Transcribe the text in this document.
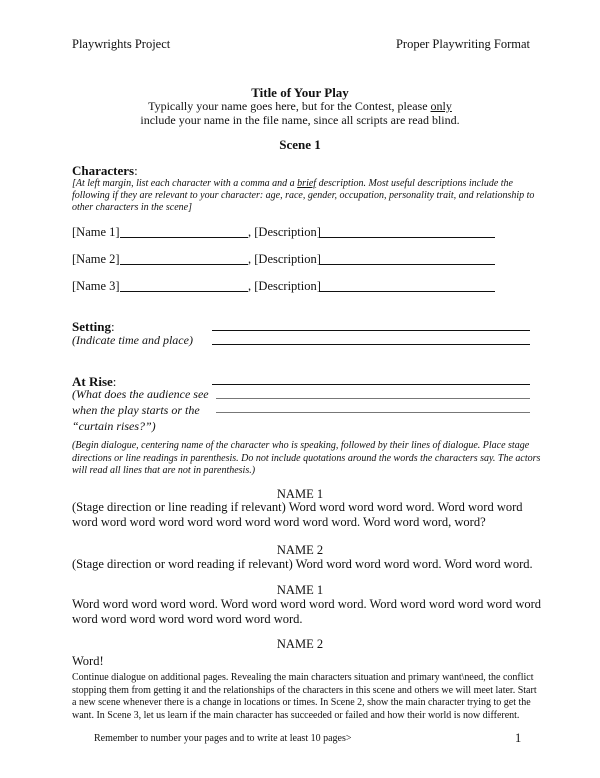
Playwrights Project	Proper Playwriting Format
Title of Your Play
Typically your name goes here, but for the Contest, please only
include your name in the file name, since all scripts are read blind.
Scene 1
Characters:
[At left margin, list each character with a comma and a brief description. Most useful descriptions include the following if they are relevant to your character: age, race, gender, occupation, personality trait, and relationship to other characters in the scene]
[Name 1]	, [Description]
[Name 2]	, [Description]
[Name 3]	, [Description]
Setting:
(Indicate time and place)
At Rise:
(What does the audience see
when the play starts or the
“curtain rises?”)
(Begin dialogue, centering name of the character who is speaking, followed by their lines of dialogue. Place stage directions or line readings in parenthesis. Do not include quotations around the words the characters say. The actors will read all lines that are not in parenthesis.)
NAME 1
(Stage direction or line reading if relevant) Word word word word word. Word word word word word word word word word word word word word. Word word word, word?
NAME 2
(Stage direction or word reading if relevant) Word word word word word. Word word word.
NAME 1
Word word word word word. Word word word word word. Word word word word word word word word word word word word word word.
NAME 2
Word!
Continue dialogue on additional pages. Revealing the main characters situation and primary want\need, the conflict stopping them from getting it and the relationships of the characters in this scene and others we will meet later. Start a new scene whenever there is a change in locations or times. In Scene 2, show the main character trying to get the want. In Scene 3, let us learn if the main character has succeeded or failed and how their world is now different.
Remember to number your pages and to write at least 10 pages>	1
